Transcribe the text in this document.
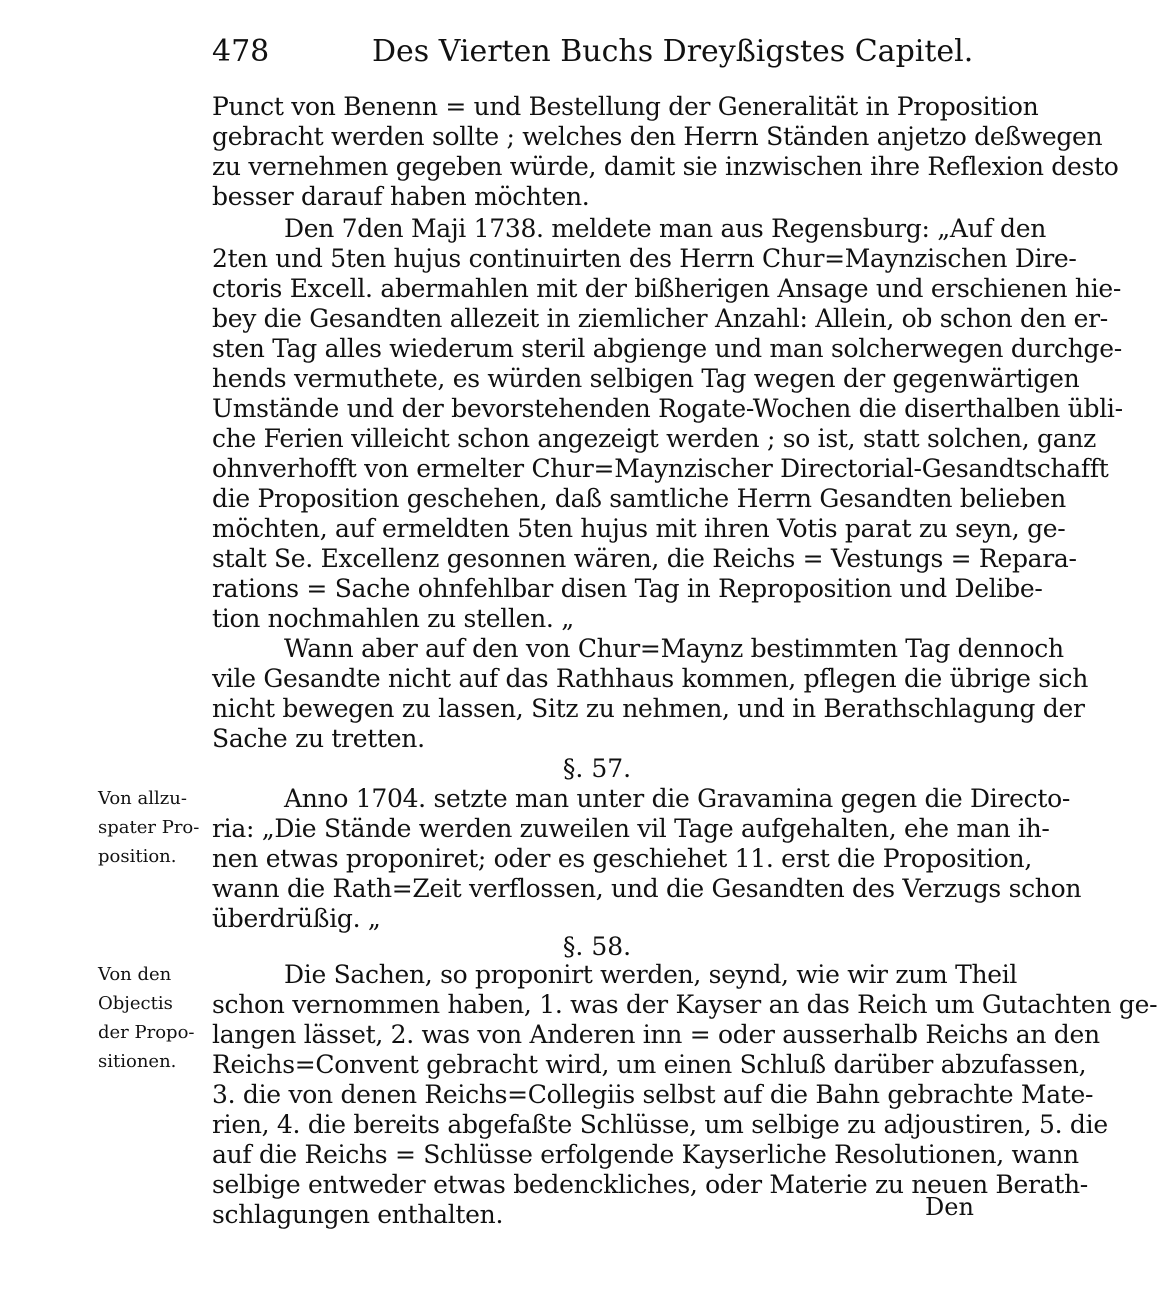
478	Des Vierten Buchs Dreyßigstes Capitel.
Punct von Benenn = und Bestellung der Generalität in Proposition
gebracht werden sollte ; welches den Herrn Ständen anjetzo deßwegen
zu vernehmen gegeben würde, damit sie inzwischen ihre Reflexion desto
besser darauf haben möchten.
Den 7den Maji 1738. meldete man aus Regensburg: „Auf den
2ten und 5ten hujus continuirten des Herrn Chur=Maynzischen Dire-
ctoris Excell. abermahlen mit der bißherigen Ansage und erschienen hie-
bey die Gesandten allezeit in ziemlicher Anzahl: Allein, ob schon den er-
sten Tag alles wiederum steril abgienge und man solcherwegen durchge-
hends vermuthete, es würden selbigen Tag wegen der gegenwärtigen
Umstände und der bevorstehenden Rogate-Wochen die diserthalben übli-
che Ferien villeicht schon angezeigt werden ; so ist, statt solchen, ganz
ohnverhofft von ermelter Chur=Maynzischer Directorial-Gesandtschafft
die Proposition geschehen, daß samtliche Herrn Gesandten belieben
möchten, auf ermeldten 5ten hujus mit ihren Votis parat zu seyn, ge-
stalt Se. Excellenz gesonnen wären, die Reichs = Vestungs = Repara-
rations = Sache ohnfehlbar disen Tag in Reproposition und Delibe-
tion nochmahlen zu stellen. „
Wann aber auf den von Chur=Maynz bestimmten Tag dennoch
vile Gesandte nicht auf das Rathhaus kommen, pflegen die übrige sich
nicht bewegen zu lassen, Sitz zu nehmen, und in Berathschlagung der
Sache zu tretten.
§. 57.
Anno 1704. setzte man unter die Gravamina gegen die Directo-
ria: „Die Stände werden zuweilen vil Tage aufgehalten, ehe man ih-
nen etwas proponiret; oder es geschiehet 11. erst die Proposition,
wann die Rath=Zeit verflossen, und die Gesandten des Verzugs schon
überdrüßig. „
§. 58.
Die Sachen, so proponirt werden, seynd, wie wir zum Theil
schon vernommen haben, 1. was der Kayser an das Reich um Gutachten ge-
langen lässet, 2. was von Anderen inn = oder ausserhalb Reichs an den
Reichs=Convent gebracht wird, um einen Schluß darüber abzufassen,
3. die von denen Reichs=Collegiis selbst auf die Bahn gebrachte Mate-
rien, 4. die bereits abgefaßte Schlüsse, um selbige zu adjoustiren, 5. die
auf die Reichs = Schlüsse erfolgende Kayserliche Resolutionen, wann
selbige entweder etwas bedenckliches, oder Materie zu neuen Berath-
schlagungen enthalten.
Von allzu-
spater Pro-
position.
Von den
Objectis
der Propo-
sitionen.
Den
